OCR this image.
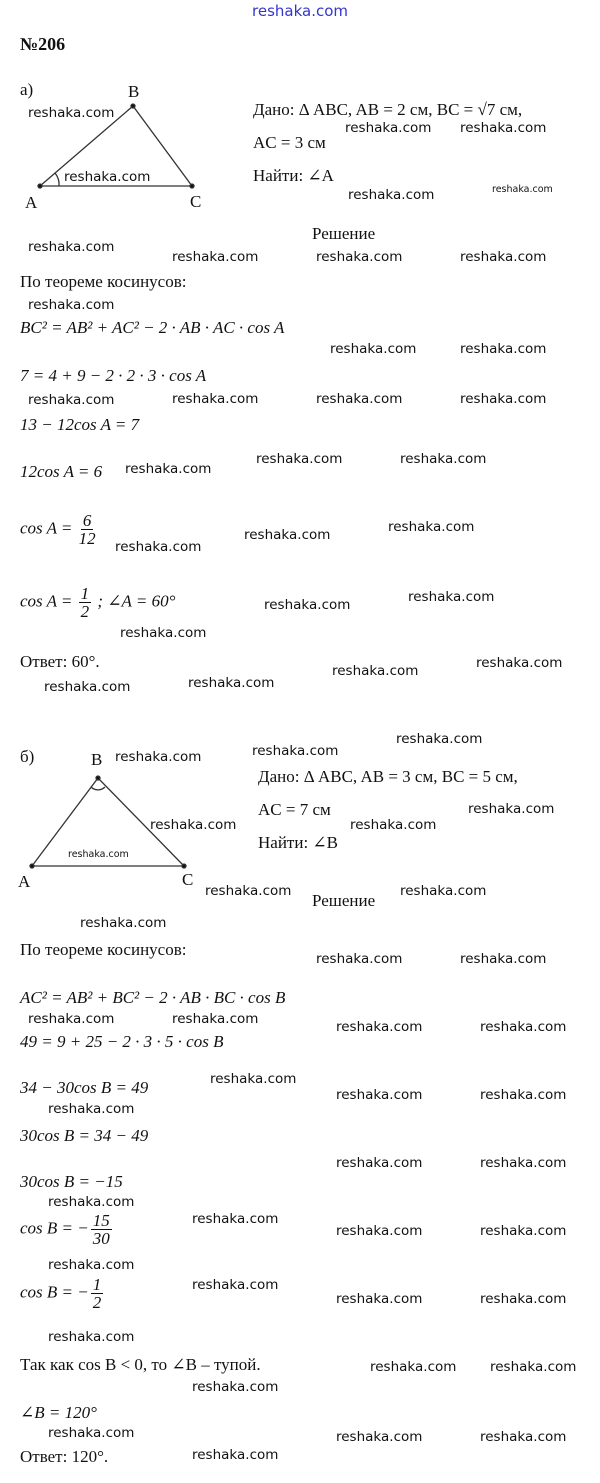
reshaka.com
№206
а)	B
A	C
Дано: Δ ABC, AB = 2 см, BC = √7 см,
AC = 3 см
Найти: ∠A
Решение
По теореме косинусов:
BC² = AB² + AC² − 2 · AB · AC · cos A
7 = 4 + 9 − 2 · 2 · 3 · cos A
13 − 12cos A = 7
12cos A = 6
$\cos A = \frac{6}{12}$
$\cos A = \frac{1}{2}$ ; ∠A = 60°
Ответ: 60°.
б)	B
A	C
Дано: Δ ABC, AB = 3 см, BC = 5 см,
AC = 7 см
Найти: ∠B
Решение
По теореме косинусов:
AC² = AB² + BC² − 2 · AB · BC · cos B
49 = 9 + 25 − 2 · 3 · 5 · cos B
34 − 30cos B = 49
30cos B = 34 − 49
30cos B = −15
cos B = − $\frac{15}{30}$
cos B = − $\frac{1}{2}$
Так как cos B < 0, то ∠B – тупой.
∠B = 120°
Ответ: 120°.
reshaka.com
reshaka.com reshaka.com
reshaka.com
reshaka.com	reshaka.com
reshaka.com
reshaka.com	reshaka.com	reshaka.com
reshaka.com
reshaka.com	reshaka.com
reshaka.com	reshaka.com	reshaka.com	reshaka.com
reshaka.com
reshaka.com	reshaka.com
reshaka.com
reshaka.com	reshaka.com
reshaka.com
reshaka.com	reshaka.com
reshaka.com
reshaka.com	reshaka.com
reshaka.com
reshaka.com	reshaka.com
reshaka.com
reshaka.com
reshaka.com	reshaka.com
reshaka.com
reshaka.com	reshaka.com
reshaka.com
reshaka.com	reshaka.com
reshaka.com	reshaka.com	reshaka.com	reshaka.com
reshaka.com
reshaka.com
reshaka.com	reshaka.com
reshaka.com	reshaka.com
reshaka.com
reshaka.com
reshaka.com	reshaka.com
reshaka.com
reshaka.com
reshaka.com	reshaka.com
reshaka.com
reshaka.com reshaka.com
reshaka.com
reshaka.com
reshaka.com
reshaka.com	reshaka.com
